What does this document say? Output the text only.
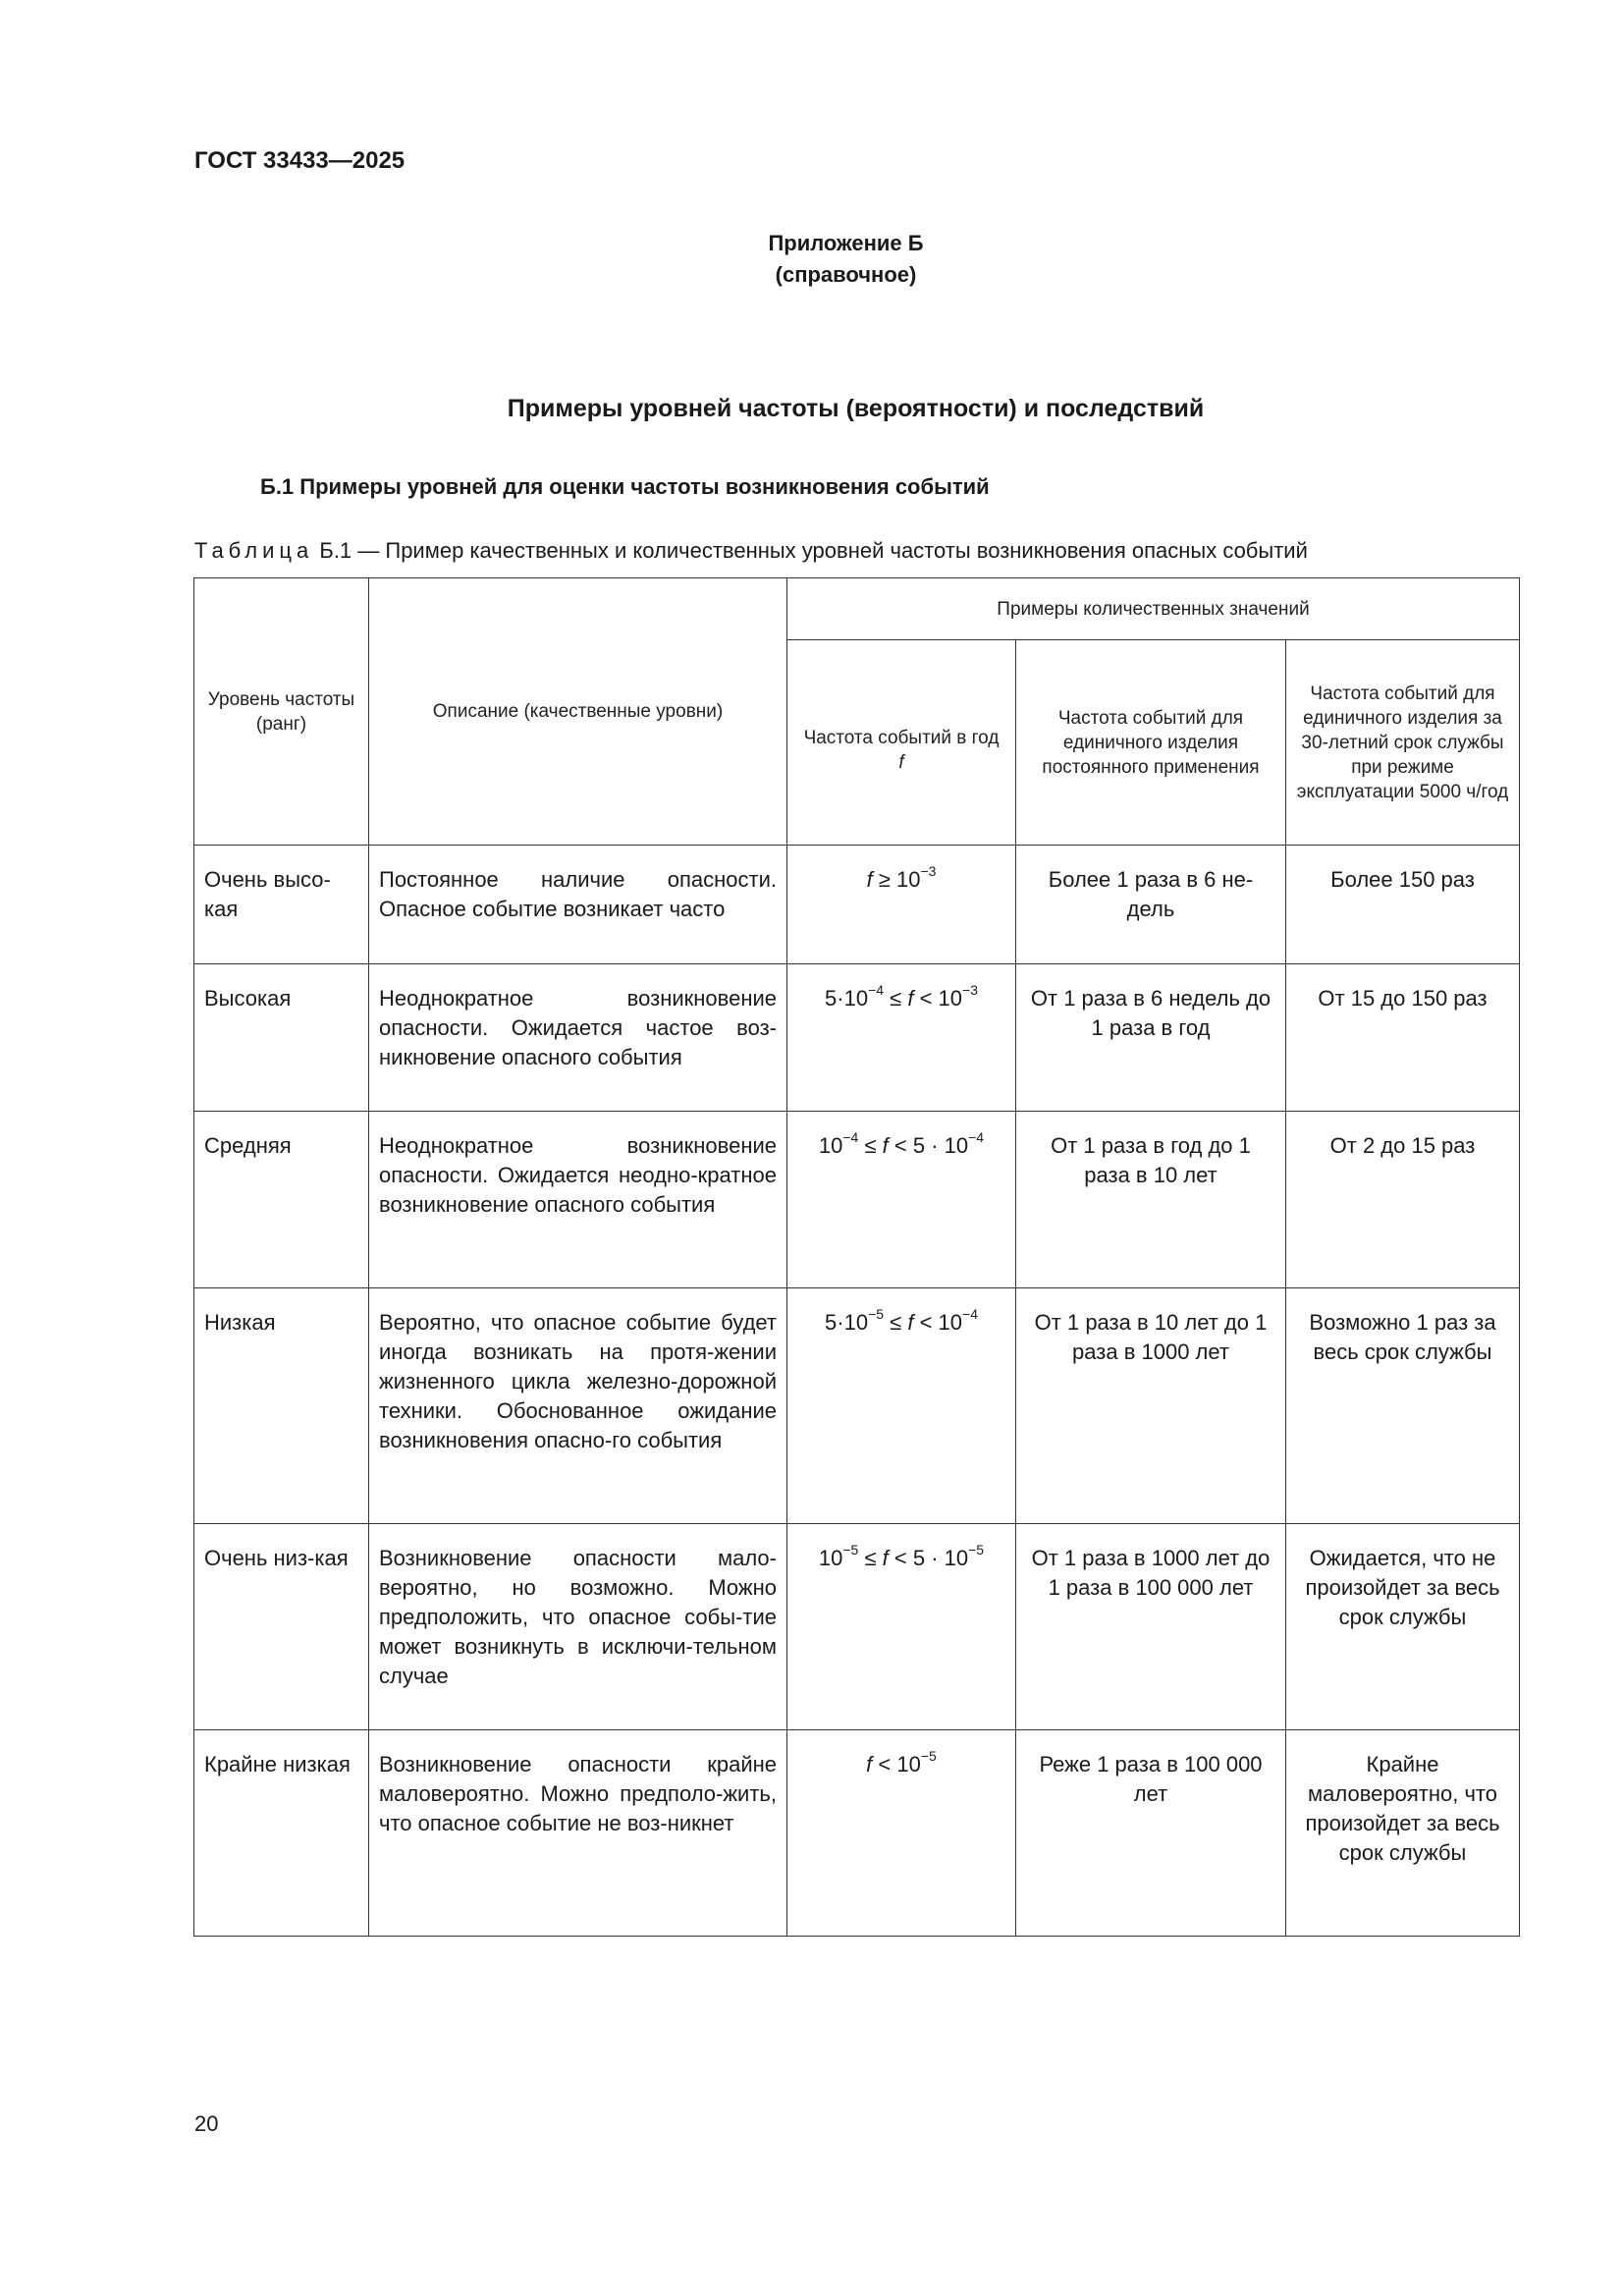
ГОСТ 33433—2025
Приложение Б
(справочное)
Примеры уровней частоты (вероятности) и последствий
Б.1 Примеры уровней для оценки частоты возникновения событий
Таблица Б.1 — Пример качественных и количественных уровней частоты возникновения опасных событий
Уровень частоты (ранг)	Описание (качественные уровни)	Примеры количественных значений		

		Частота событий в год f	Частота событий для единичного изделия постоянного применения	Частота событий для единичного изделия за 30-летний срок службы при режиме эксплуатации 5000 ч/год

Очень высо-кая	Постоянное наличие опасности. Опасное событие возникает часто	$f \ge 10^{-3}$	Более 1 раза в 6 не-дель	Более 150 раз
Высокая	Неоднократное возникновение опасности. Ожидается частое воз-никновение опасного события	$5\cdot 10^{-4} \le f < 10^{-3}$	От 1 раза в 6 недель до 1 раза в год	От 15 до 150 раз
Средняя	Неоднократное возникновение опасности. Ожидается неодно-кратное возникновение опасного события	$10^{-4} \le f < 5 \cdot 10^{-4}$	От 1 раза в год до 1 раза в 10 лет	От 2 до 15 раз
Низкая	Вероятно, что опасное событие будет иногда возникать на протя-жении жизненного цикла железно-дорожной техники. Обоснованное ожидание возникновения опасно-го события	$5\cdot 10^{-5} \le f < 10^{-4}$	От 1 раза в 10 лет до 1 раза в 1000 лет	Возможно 1 раз за весь срок службы
Очень низ-кая	Возникновение опасности мало-вероятно, но возможно. Можно предположить, что опасное собы-тие может возникнуть в исключи-тельном случае	$10^{-5} \le f < 5 \cdot 10^{-5}$	От 1 раза в 1000 лет до 1 раза в 100 000 лет	Ожидается, что не произойдет за весь срок службы
Крайне низкая	Возникновение опасности крайне маловероятно. Можно предполо-жить, что опасное событие не воз-никнет	$f < 10^{-5}$	Реже 1 раза в 100 000 лет	Крайне маловероятно, что произойдет за весь срок службы
20
